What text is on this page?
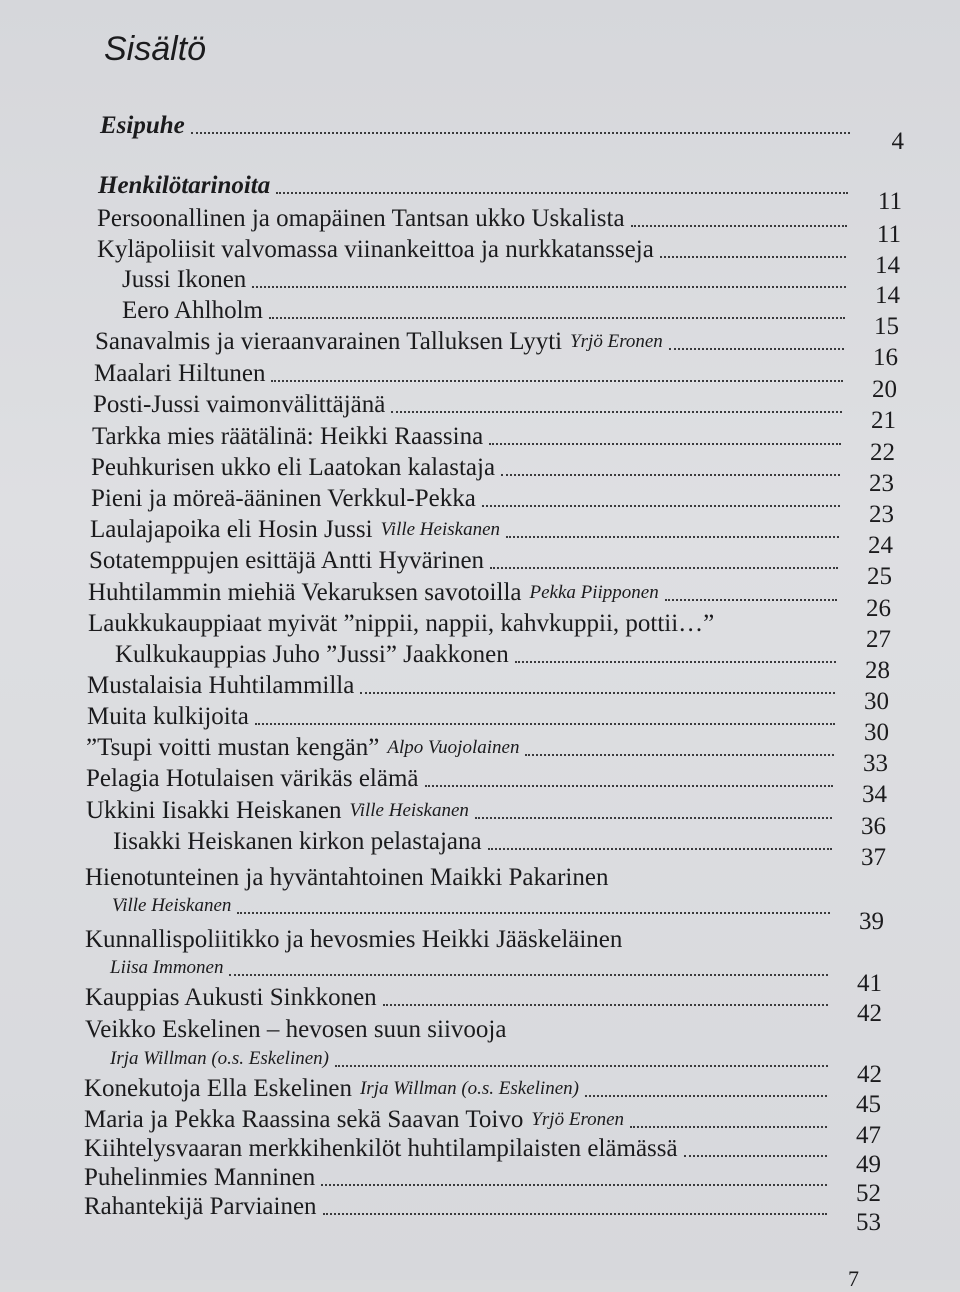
Sisältö
Esipuhe
4
Henkilötarinoita
11
Persoonallinen ja omapäinen Tantsan ukko Uskalista
11
Kyläpoliisit valvomassa viinankeittoa ja nurkkatansseja
14
Jussi Ikonen
14
Eero Ahlholm
15
Sanavalmis ja vieraanvarainen Talluksen Lyyti Yrjö Eronen
16
Maalari Hiltunen
20
Posti-Jussi vaimonvälittäjänä
21
Tarkka mies räätälinä: Heikki Raassina
22
Peuhkurisen ukko eli Laatokan kalastaja
23
Pieni ja möreä-ääninen Verkkul-Pekka
23
Laulajapoika eli Hosin Jussi Ville Heiskanen
24
Sotatemppujen esittäjä Antti Hyvärinen
25
Huhtilammin miehiä Vekaruksen savotoilla Pekka Piipponen
26
Laukkukauppiaat myivät ”nippii, nappii, kahvkuppii, pottii…”
27
Kulkukauppias Juho ”Jussi” Jaakkonen
28
Mustalaisia Huhtilammilla
30
Muita kulkijoita
30
”Tsupi voitti mustan kengän” Alpo Vuojolainen
33
Pelagia Hotulaisen värikäs elämä
34
Ukkini Iisakki Heiskanen Ville Heiskanen
36
Iisakki Heiskanen kirkon pelastajana
37
Hienotunteinen ja hyväntahtoinen Maikki Pakarinen
Ville Heiskanen
39
Kunnallispoliitikko ja hevosmies Heikki Jääskeläinen
Liisa Immonen
41
Kauppias Aukusti Sinkkonen
42
Veikko Eskelinen – hevosen suun siivooja
Irja Willman (o.s. Eskelinen)
42
Konekutoja Ella Eskelinen Irja Willman (o.s. Eskelinen)
45
Maria ja Pekka Raassina sekä Saavan Toivo Yrjö Eronen
47
Kiihtelysvaaran merkkihenkilöt huhtilampilaisten elämässä
49
Puhelinmies Manninen
52
Rahantekijä Parviainen
53
7
